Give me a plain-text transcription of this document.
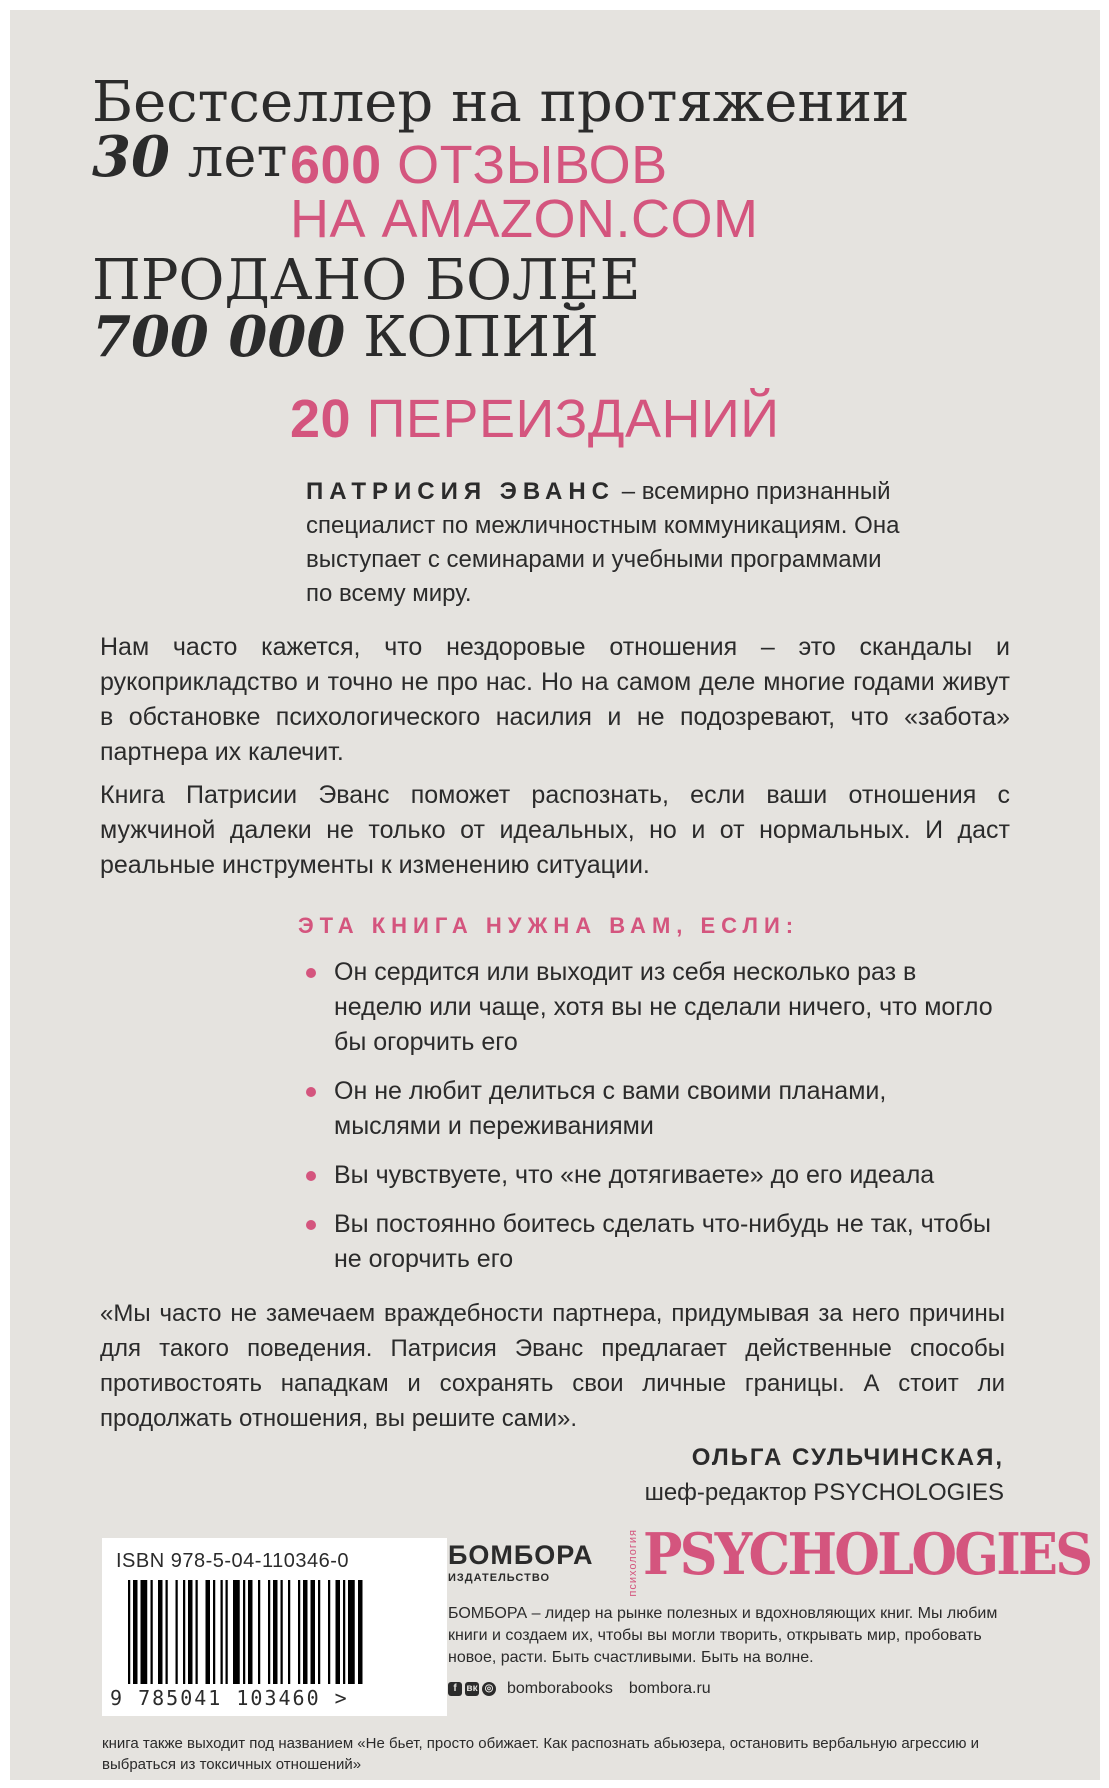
Бестселлер на протяжении
30 лет 600 ОТЗЫВОВ
НА AMAZON.COM
ПРОДАНО БОЛЕЕ
700 000 КОПИЙ
20 ПЕРЕИЗДАНИЙ
ПАТРИСИЯ ЭВАНС – всемирно признанный специалист по межличностным коммуникациям. Она выступает с семинарами и учебными программами по всему миру.
Нам часто кажется, что нездоровые отношения – это скандалы и рукоприкладство и точно не про нас. Но на самом деле многие годами живут в обстановке психологического насилия и не подозревают, что «забота» партнера их калечит.
Книга Патрисии Эванс поможет распознать, если ваши отношения с мужчиной далеки не только от идеальных, но и от нормальных. И даст реальные инструменты к изменению ситуации.
ЭТА КНИГА НУЖНА ВАМ, ЕСЛИ:
Он сердится или выходит из себя несколько раз в неделю или чаще, хотя вы не сделали ничего, что могло бы огорчить его
Он не любит делиться с вами своими планами, мыслями и переживаниями
Вы чувствуете, что «не дотягиваете» до его идеала
Вы постоянно боитесь сделать что-нибудь не так, чтобы не огорчить его
«Мы часто не замечаем враждебности партнера, придумывая за него причины для такого поведения. Патрисия Эванс предлагает действенные способы противостоять нападкам и сохранять свои личные границы. А стоит ли продолжать отношения, вы решите сами».
ОЛЬГА СУЛЬЧИНСКАЯ,
шеф-редактор PSYCHOLOGIES
ISBN 978-5-04-110346-0
9 785041 103460 >
БОМБОРА
ИЗДАТЕЛЬСТВО	психология PSYCHOLOGIES
БОМБОРА – лидер на рынке полезных и вдохновляющих книг. Мы любим книги и создаем их, чтобы вы могли творить, открывать мир, пробовать новое, расти. Быть счастливыми. Быть на волне.
f вк ◎ bomborabooks bombora.ru
книга также выходит под названием «Не бьет, просто обижает. Как распознать абьюзера, остановить вербальную агрессию и выбраться из токсичных отношений»
